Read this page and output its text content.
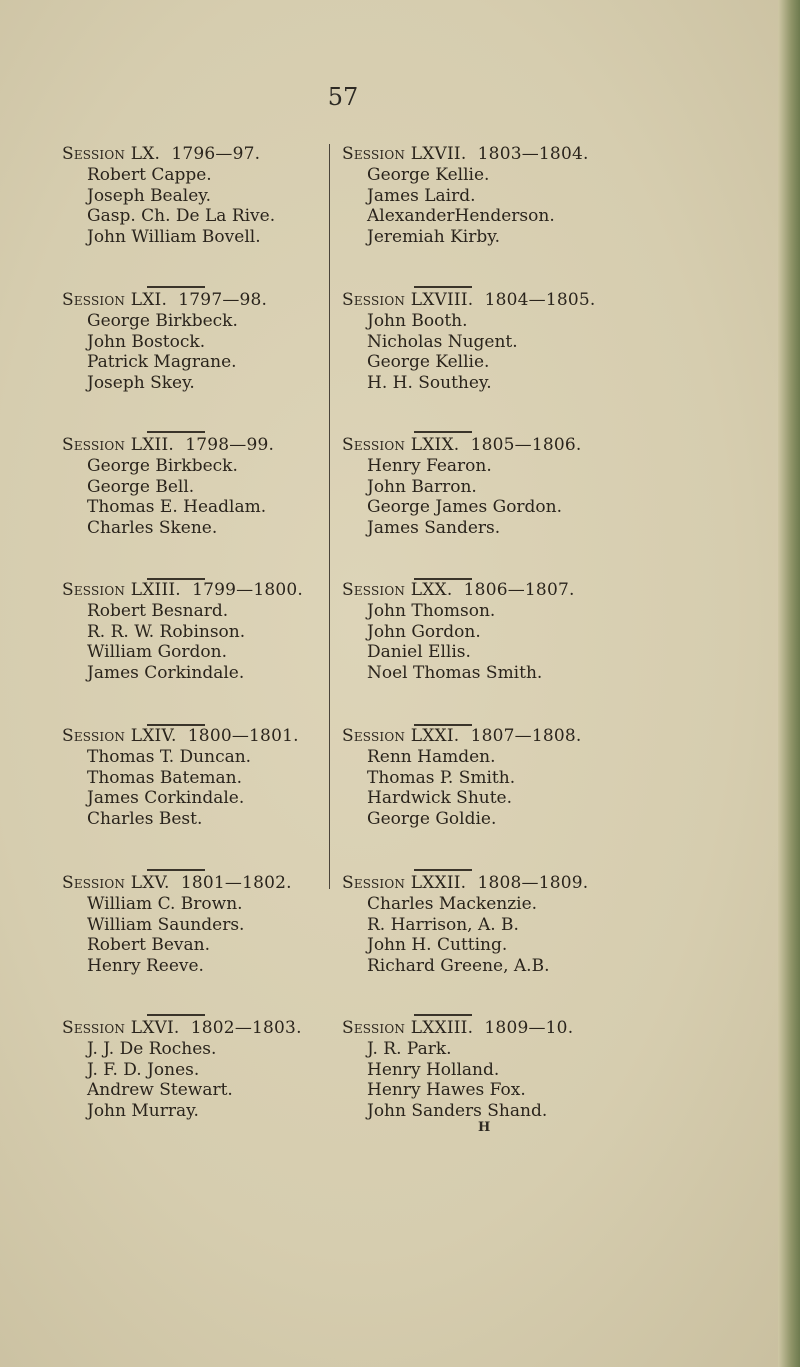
57
Session LX. 1796—97.
Robert Cappe.
Joseph Bealey.
Gasp. Ch. De La Rive.
John William Bovell.
Session LXI. 1797—98.
George Birkbeck.
John Bostock.
Patrick Magrane.
Joseph Skey.
Session LXII. 1798—99.
George Birkbeck.
George Bell.
Thomas E. Headlam.
Charles Skene.
Session LXIII. 1799—1800.
Robert Besnard.
R. R. W. Robinson.
William Gordon.
James Corkindale.
Session LXIV. 1800—1801.
Thomas T. Duncan.
Thomas Bateman.
James Corkindale.
Charles Best.
Session LXV. 1801—1802.
William C. Brown.
William Saunders.
Robert Bevan.
Henry Reeve.
Session LXVI. 1802—1803.
J. J. De Roches.
J. F. D. Jones.
Andrew Stewart.
John Murray.
Session LXVII. 1803—1804.
George Kellie.
James Laird.
AlexanderHenderson.
Jeremiah Kirby.
Session LXVIII. 1804—1805.
John Booth.
Nicholas Nugent.
George Kellie.
H. H. Southey.
Session LXIX. 1805—1806.
Henry Fearon.
John Barron.
George James Gordon.
James Sanders.
Session LXX. 1806—1807.
John Thomson.
John Gordon.
Daniel Ellis.
Noel Thomas Smith.
Session LXXI. 1807—1808.
Renn Hamden.
Thomas P. Smith.
Hardwick Shute.
George Goldie.
Session LXXII. 1808—1809.
Charles Mackenzie.
R. Harrison, A. B.
John H. Cutting.
Richard Greene, A.B.
Session LXXIII. 1809—10.
J. R. Park.
Henry Holland.
Henry Hawes Fox.
John Sanders Shand.
H
